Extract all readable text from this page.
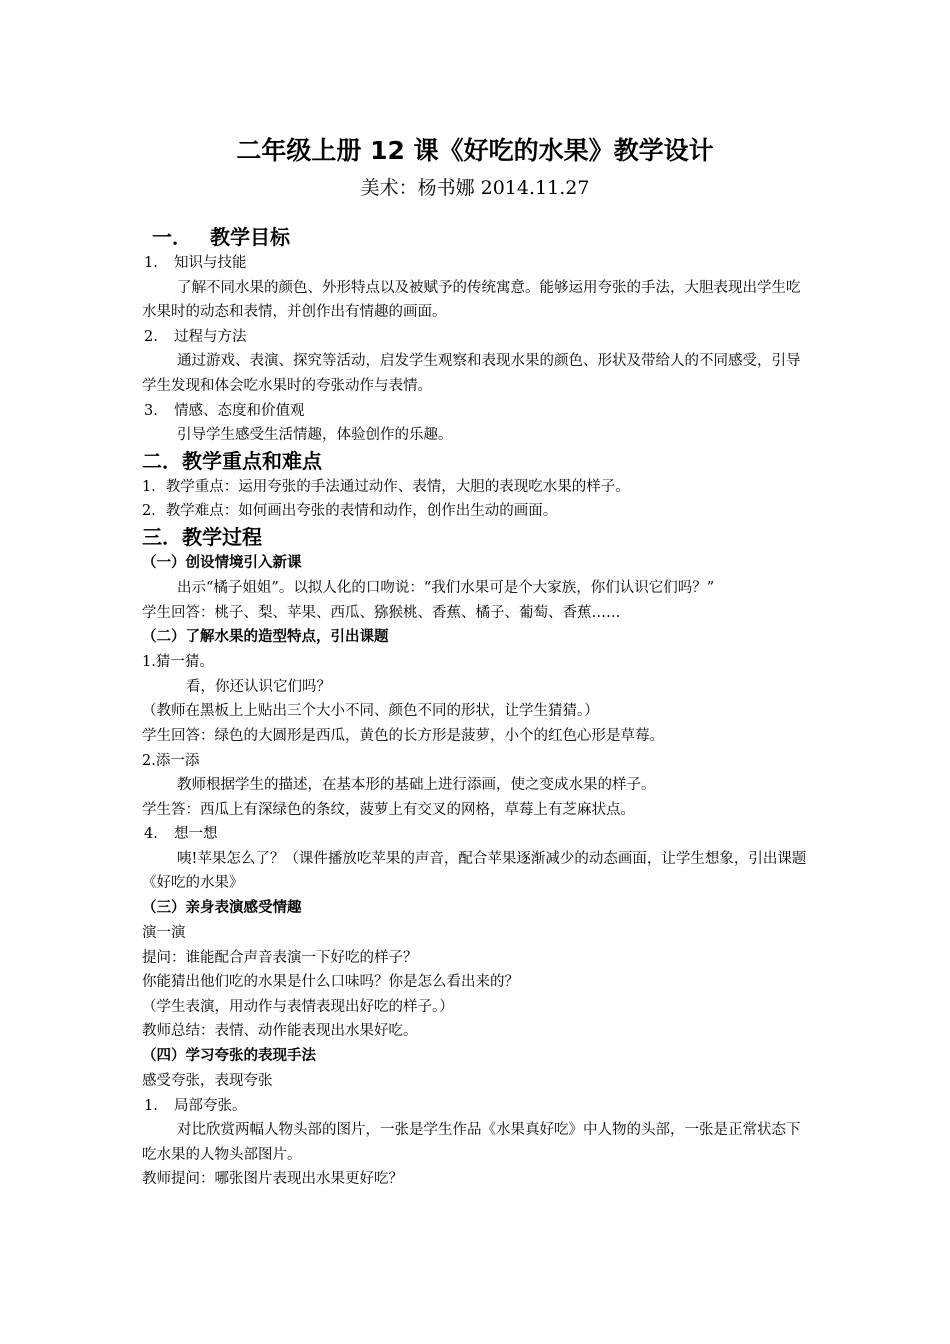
二年级上册 12 课《好吃的水果》教学设计
美术：杨书娜 2014.11.27
一． 教学目标
1. 知识与技能
了解不同水果的颜色、外形特点以及被赋予的传统寓意。能够运用夸张的手法，大胆表现出学生吃水果时的动态和表情，并创作出有情趣的画面。
2. 过程与方法
通过游戏、表演、探究等活动，启发学生观察和表现水果的颜色、形状及带给人的不同感受，引导学生发现和体会吃水果时的夸张动作与表情。
3. 情感、态度和价值观
引导学生感受生活情趣，体验创作的乐趣。
二．教学重点和难点
1．教学重点：运用夸张的手法通过动作、表情，大胆的表现吃水果的样子。
2．教学难点：如何画出夸张的表情和动作，创作出生动的画面。
三．教学过程
（一）创设情境引入新课
出示“橘子姐姐”。以拟人化的口吻说：“我们水果可是个大家族，你们认识它们吗？”
学生回答：桃子、梨、苹果、西瓜、猕猴桃、香蕉、橘子、葡萄、香蕉……
（二）了解水果的造型特点，引出课题
1.猜一猜。
看，你还认识它们吗？
（教师在黑板上上贴出三个大小不同、颜色不同的形状，让学生猜猜。）
学生回答：绿色的大圆形是西瓜，黄色的长方形是菠萝，小个的红色心形是草莓。
2.添一添
教师根据学生的描述，在基本形的基础上进行添画，使之变成水果的样子。
学生答：西瓜上有深绿色的条纹，菠萝上有交叉的网格，草莓上有芝麻状点。
4. 想一想
咦!苹果怎么了？（课件播放吃苹果的声音，配合苹果逐渐减少的动态画面，让学生想象，引出课题《好吃的水果》
（三）亲身表演感受情趣
演一演
提问：谁能配合声音表演一下好吃的样子？
你能猜出他们吃的水果是什么口味吗？你是怎么看出来的？
（学生表演，用动作与表情表现出好吃的样子。）
教师总结：表情、动作能表现出水果好吃。
（四）学习夸张的表现手法
感受夸张，表现夸张
1. 局部夸张。
对比欣赏两幅人物头部的图片，一张是学生作品《水果真好吃》中人物的头部，一张是正常状态下吃水果的人物头部图片。
教师提问：哪张图片表现出水果更好吃？
